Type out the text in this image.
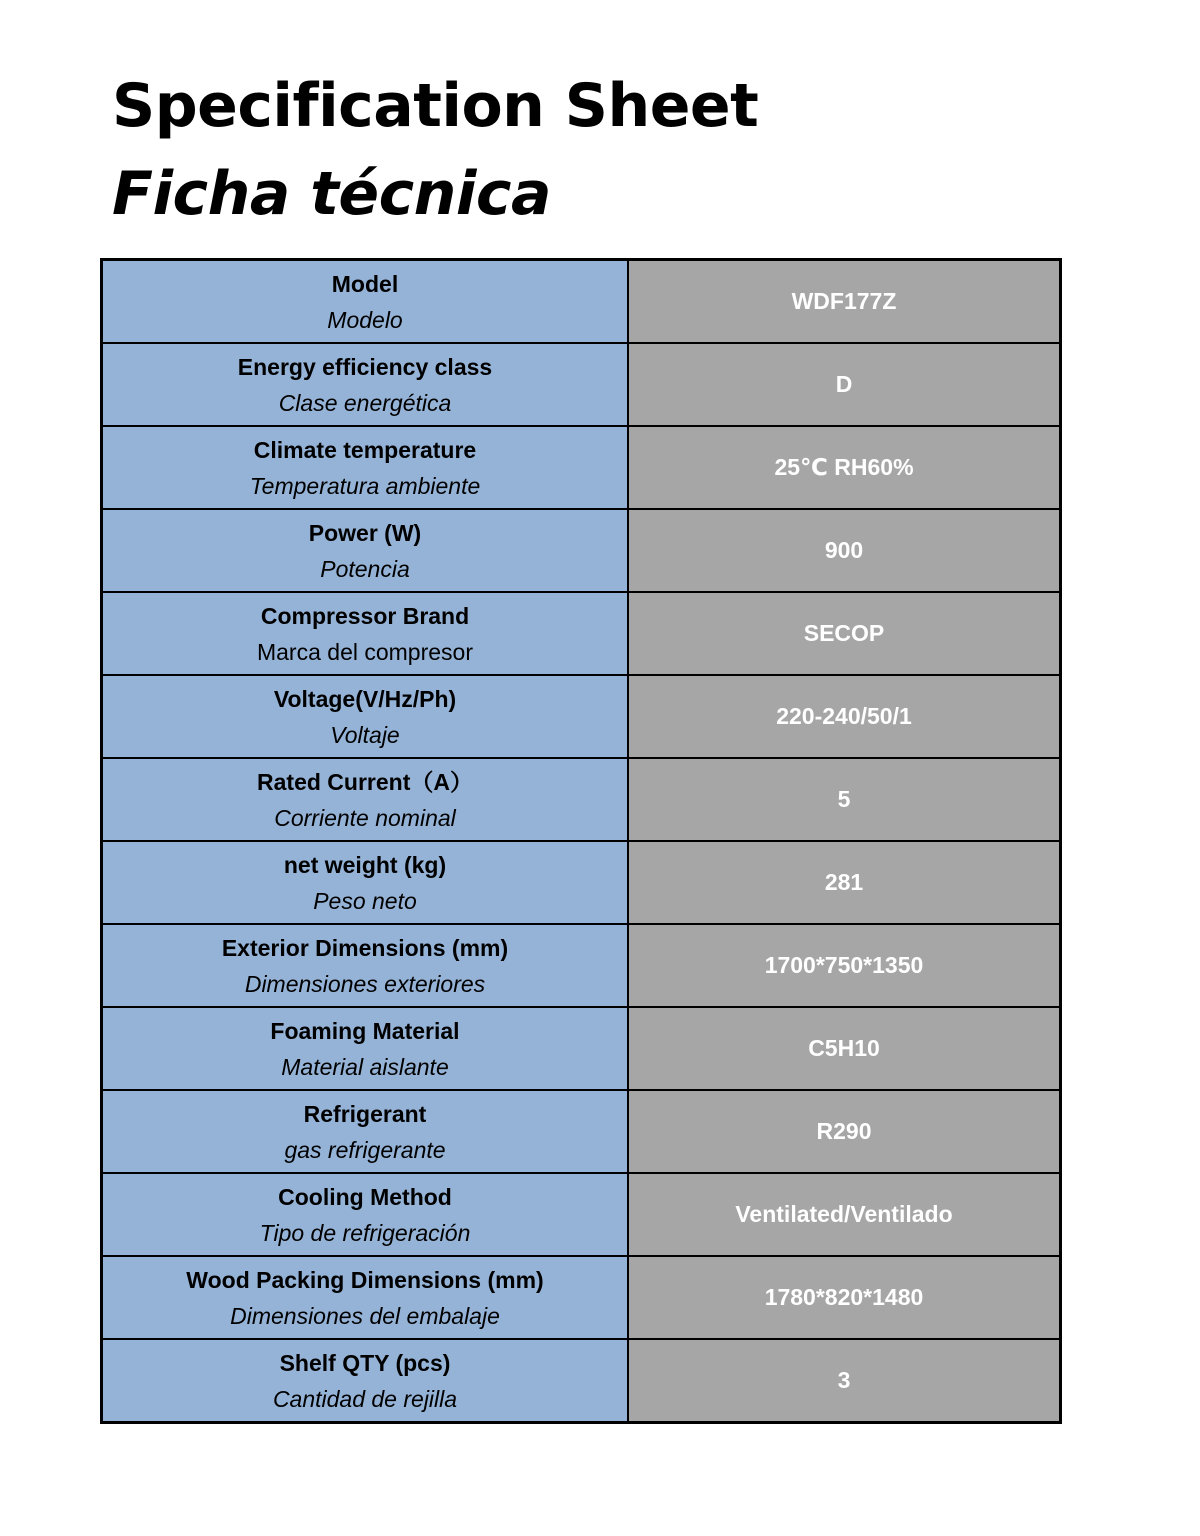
Specification Sheet
Ficha técnica
Model
Modelo	WDF177Z

Energy efficiency class
Clase energética	D

Climate temperature
Temperatura ambiente	25℃ RH60%

Power (W)
Potencia	900

Compressor Brand
Marca del compresor	SECOP

Voltage(V/Hz/Ph)
Voltaje	220-240/50/1

Rated Current（A）
Corriente nominal	5

net weight (kg)
Peso neto	281

Exterior Dimensions (mm)
Dimensiones exteriores	1700*750*1350

Foaming Material
Material aislante	C5H10

Refrigerant
gas refrigerante	R290

Cooling Method
Tipo de refrigeración	Ventilated/Ventilado

Wood Packing Dimensions (mm)
Dimensiones del embalaje	1780*820*1480

Shelf QTY (pcs)
Cantidad de rejilla	3
